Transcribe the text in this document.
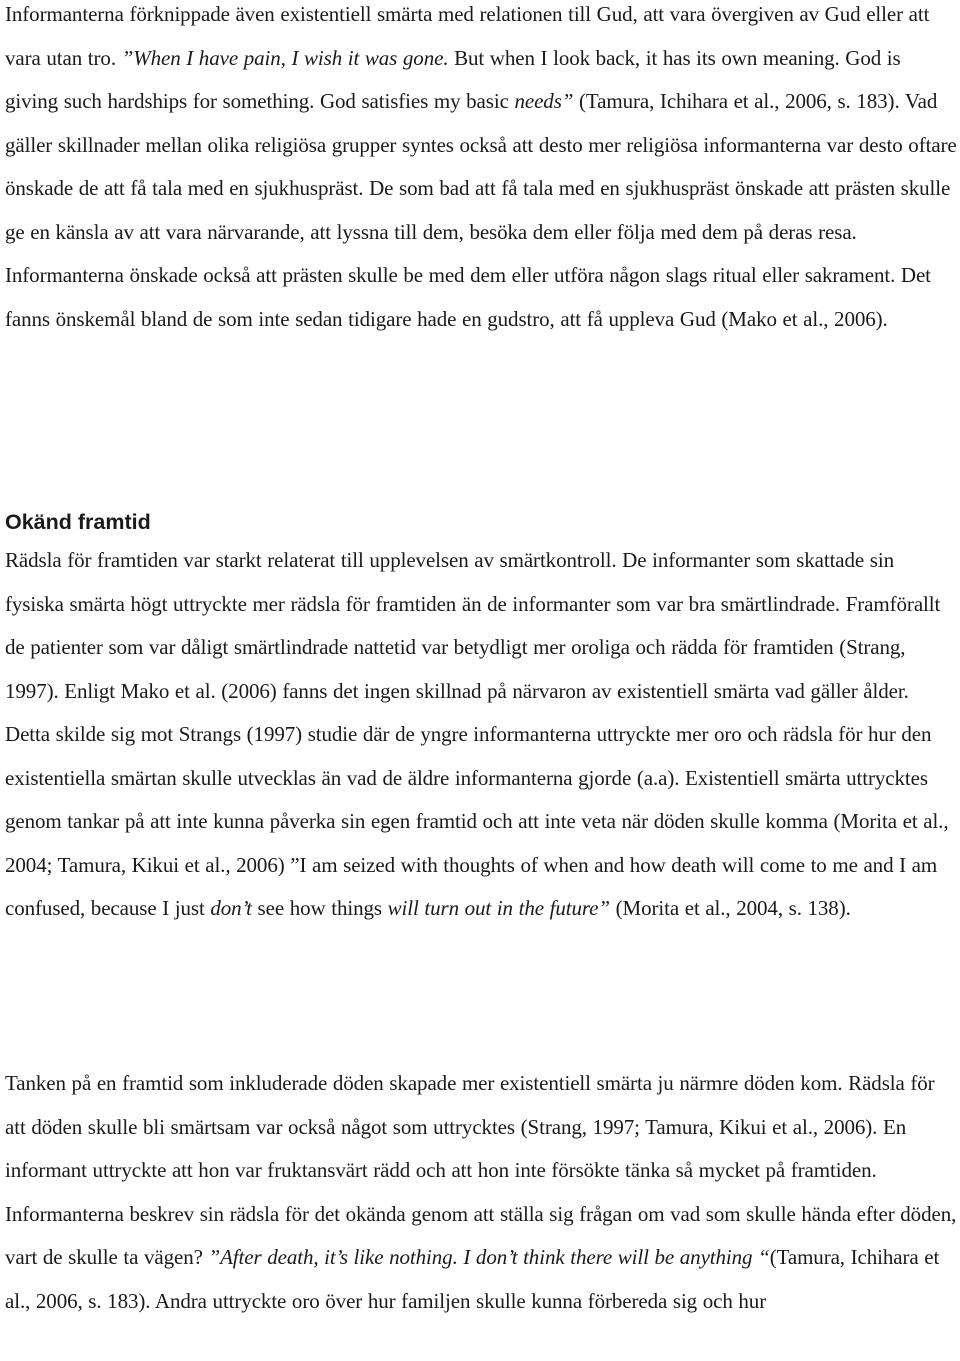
Informanterna förknippade även existentiell smärta med relationen till Gud, att vara övergiven av Gud eller att vara utan tro. ”When I have pain, I wish it was gone. But when I look back, it has its own meaning. God is giving such hardships for something. God satisfies my basic needs” (Tamura, Ichihara et al., 2006, s. 183). Vad gäller skillnader mellan olika religiösa grupper syntes också att desto mer religiösa informanterna var desto oftare önskade de att få tala med en sjukhuspräst. De som bad att få tala med en sjukhuspräst önskade att prästen skulle ge en känsla av att vara närvarande, att lyssna till dem, besöka dem eller följa med dem på deras resa. Informanterna önskade också att prästen skulle be med dem eller utföra någon slags ritual eller sakrament. Det fanns önskemål bland de som inte sedan tidigare hade en gudstro, att få uppleva Gud (Mako et al., 2006).

Okänd framtid

Rädsla för framtiden var starkt relaterat till upplevelsen av smärtkontroll. De informanter som skattade sin fysiska smärta högt uttryckte mer rädsla för framtiden än de informanter som var bra smärtlindrade. Framförallt de patienter som var dåligt smärtlindrade nattetid var betydligt mer oroliga och rädda för framtiden (Strang, 1997). Enligt Mako et al. (2006) fanns det ingen skillnad på närvaron av existentiell smärta vad gäller ålder. Detta skilde sig mot Strangs (1997) studie där de yngre informanterna uttryckte mer oro och rädsla för hur den existentiella smärtan skulle utvecklas än vad de äldre informanterna gjorde (a.a). Existentiell smärta uttrycktes genom tankar på att inte kunna påverka sin egen framtid och att inte veta när döden skulle komma (Morita et al., 2004; Tamura, Kikui et al., 2006) ”I am seized with thoughts of when and how death will come to me and I am confused, because I just don’t see how things will turn out in the future” (Morita et al., 2004, s. 138).

Tanken på en framtid som inkluderade döden skapade mer existentiell smärta ju närmre döden kom. Rädsla för att döden skulle bli smärtsam var också något som uttrycktes (Strang, 1997; Tamura, Kikui et al., 2006). En informant uttryckte att hon var fruktansvärt rädd och att hon inte försökte tänka så mycket på framtiden. Informanterna beskrev sin rädsla för det okända genom att ställa sig frågan om vad som skulle hända efter döden, vart de skulle ta vägen? ”After death, it’s like nothing. I don’t think there will be anything “(Tamura, Ichihara et al., 2006, s. 183). Andra uttryckte oro över hur familjen skulle kunna förbereda sig och hur
